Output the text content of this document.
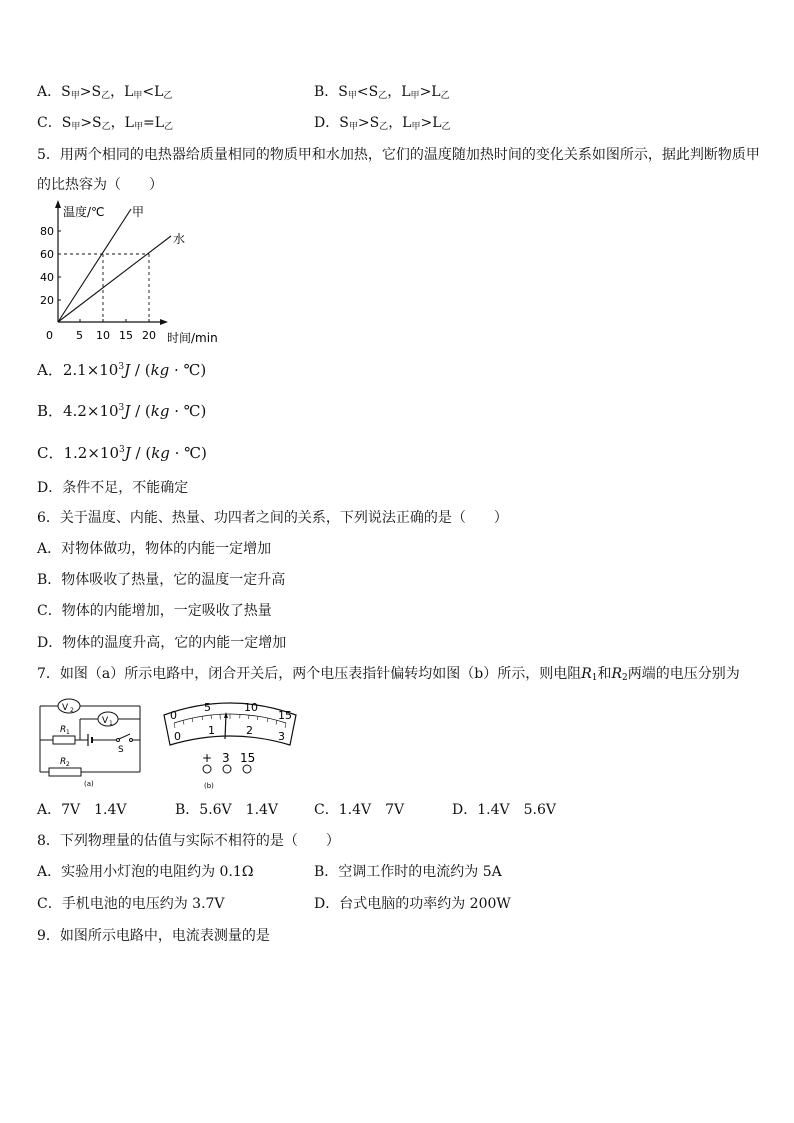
A．$S_甲>S_乙$，$L_甲<L_乙$	B．$S_甲<S_乙$，$L_甲>L_乙$
C．$S_甲>S_乙$，$L_甲=L_乙$	D．$S_甲>S_乙$，$L_甲>L_乙$
5．用两个相同的电热器给质量相同的物质甲和水加热，它们的温度随加热时间的变化关系如图所示，据此判断物质甲
的比热容为（　　）
温度/℃ 甲
水
80
60
40
20
0 5 10 15 20 时间/min
A．$2.1\times 10^3J / (kg$ · ℃)
B．$4.2\times 10^3J / (kg$ · ℃)
C．$1.2\times 10^3J / (kg$ · ℃)
D．条件不足，不能确定
6．关于温度、内能、热量、功四者之间的关系，下列说法正确的是（　　）
A．对物体做功，物体的内能一定增加
B．物体吸收了热量，它的温度一定升高
C．物体的内能增加，一定吸收了热量
D．物体的温度升高，它的内能一定增加
7．如图（a）所示电路中，闭合开关后，两个电压表指针偏转均如图（b）所示，则电阻$R_1$和$R_2$两端的电压分别为
V 2
R 1
S
V 1
R 2
(a)
0
5	10
15
0 1	2 3
+ 3 15
(b)
A．7V　1.4V	B．5.6V　1.4V	C．1.4V　7V	D．1.4V　5.6V
8．下列物理量的估值与实际不相符的是（　　）
A．实验用小灯泡的电阻约为 0.1Ω	B．空调工作时的电流约为 5A
C．手机电池的电压约为 3.7V	D．台式电脑的功率约为 200W
9．如图所示电路中，电流表测量的是
